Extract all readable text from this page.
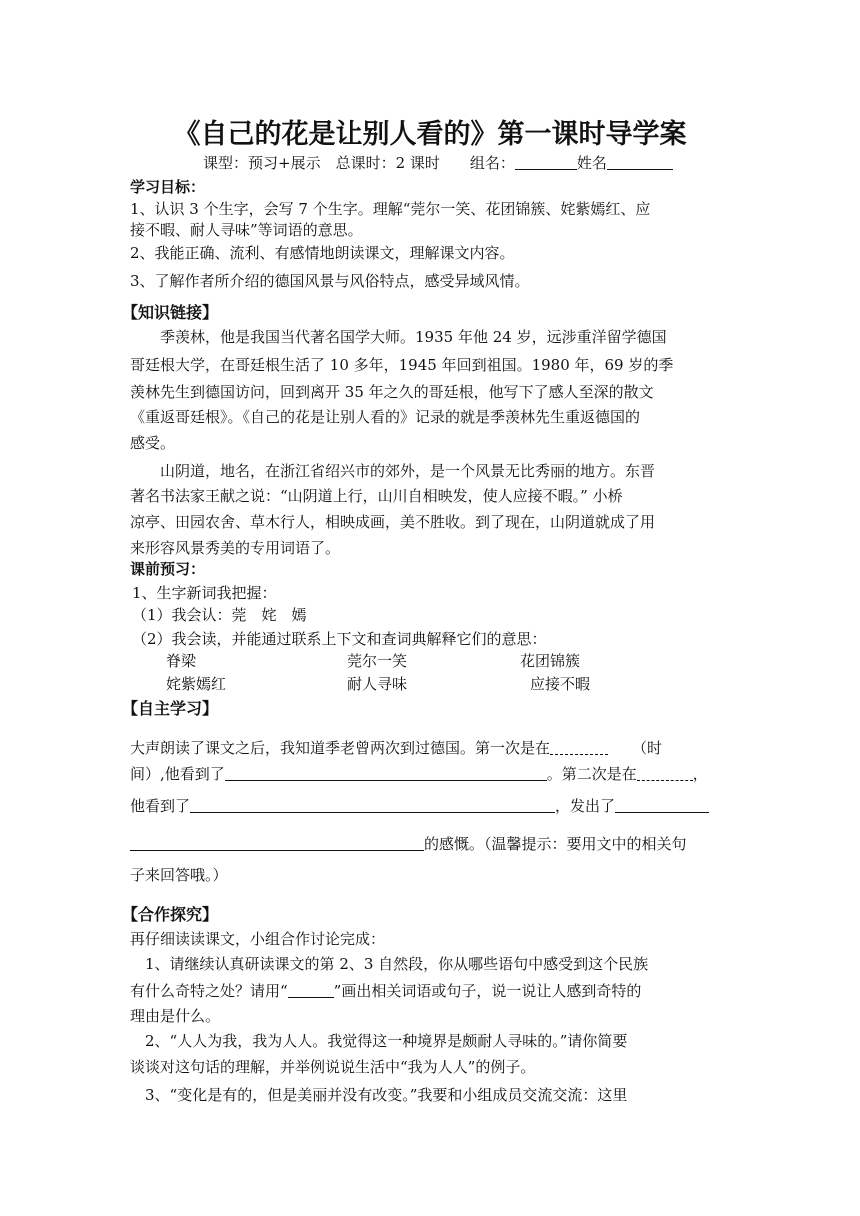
《自己的花是让别人看的》第一课时导学案
课型：预习+展示　总课时：2 课时　　组名：	姓名
学习目标：
1、认识 3 个生字，会写 7 个生字。理解“莞尔一笑、花团锦簇、姹紫嫣红、应
接不暇、耐人寻味”等词语的意思。
2、我能正确、流利、有感情地朗读课文，理解课文内容。
3、了解作者所介绍的德国风景与风俗特点，感受异域风情。
【知识链接】
　　季羡林，他是我国当代著名国学大师。1935 年他 24 岁，远涉重洋留学德国
哥廷根大学，在哥廷根生活了 10 多年，1945 年回到祖国。1980 年，69 岁的季
羡林先生到德国访问，回到离开 35 年之久的哥廷根，他写下了感人至深的散文
《重返哥廷根》。《自己的花是让别人看的》记录的就是季羡林先生重返德国的
感受。
　　山阴道，地名，在浙江省绍兴市的郊外，是一个风景无比秀丽的地方。东晋
著名书法家王献之说：“山阴道上行，山川自相映发，使人应接不暇。” 小桥
凉亭、田园农舍、草木行人，相映成画，美不胜收。到了现在，山阴道就成了用
来形容风景秀美的专用词语了。
课前预习：
1、生字新词我把握：
（1）我会认：莞　姹　嫣
（2）我会读，并能通过联系上下文和查词典解释它们的意思：
脊梁	莞尔一笑	花团锦簇
姹紫嫣红	耐人寻味	应接不暇
【自主学习】
大声朗读了课文之后，我知道季老曾两次到过德国。第一次是在	（时
间）,他看到了	。第二次是在	，
他看到了	，发出了
的感慨。（温馨提示：要用文中的相关句
子来回答哦。）
【合作探究】
再仔细读读课文，小组合作讨论完成：
　1、请继续认真研读课文的第 2、3 自然段，你从哪些语句中感受到这个民族
有什么奇特之处？请用“	”画出相关词语或句子，说一说让人感到奇特的
理由是什么。
　2、“人人为我，我为人人。我觉得这一种境界是颇耐人寻味的。”请你简要
谈谈对这句话的理解，并举例说说生活中“我为人人”的例子。
　3、“变化是有的，但是美丽并没有改变。”我要和小组成员交流交流：这里
